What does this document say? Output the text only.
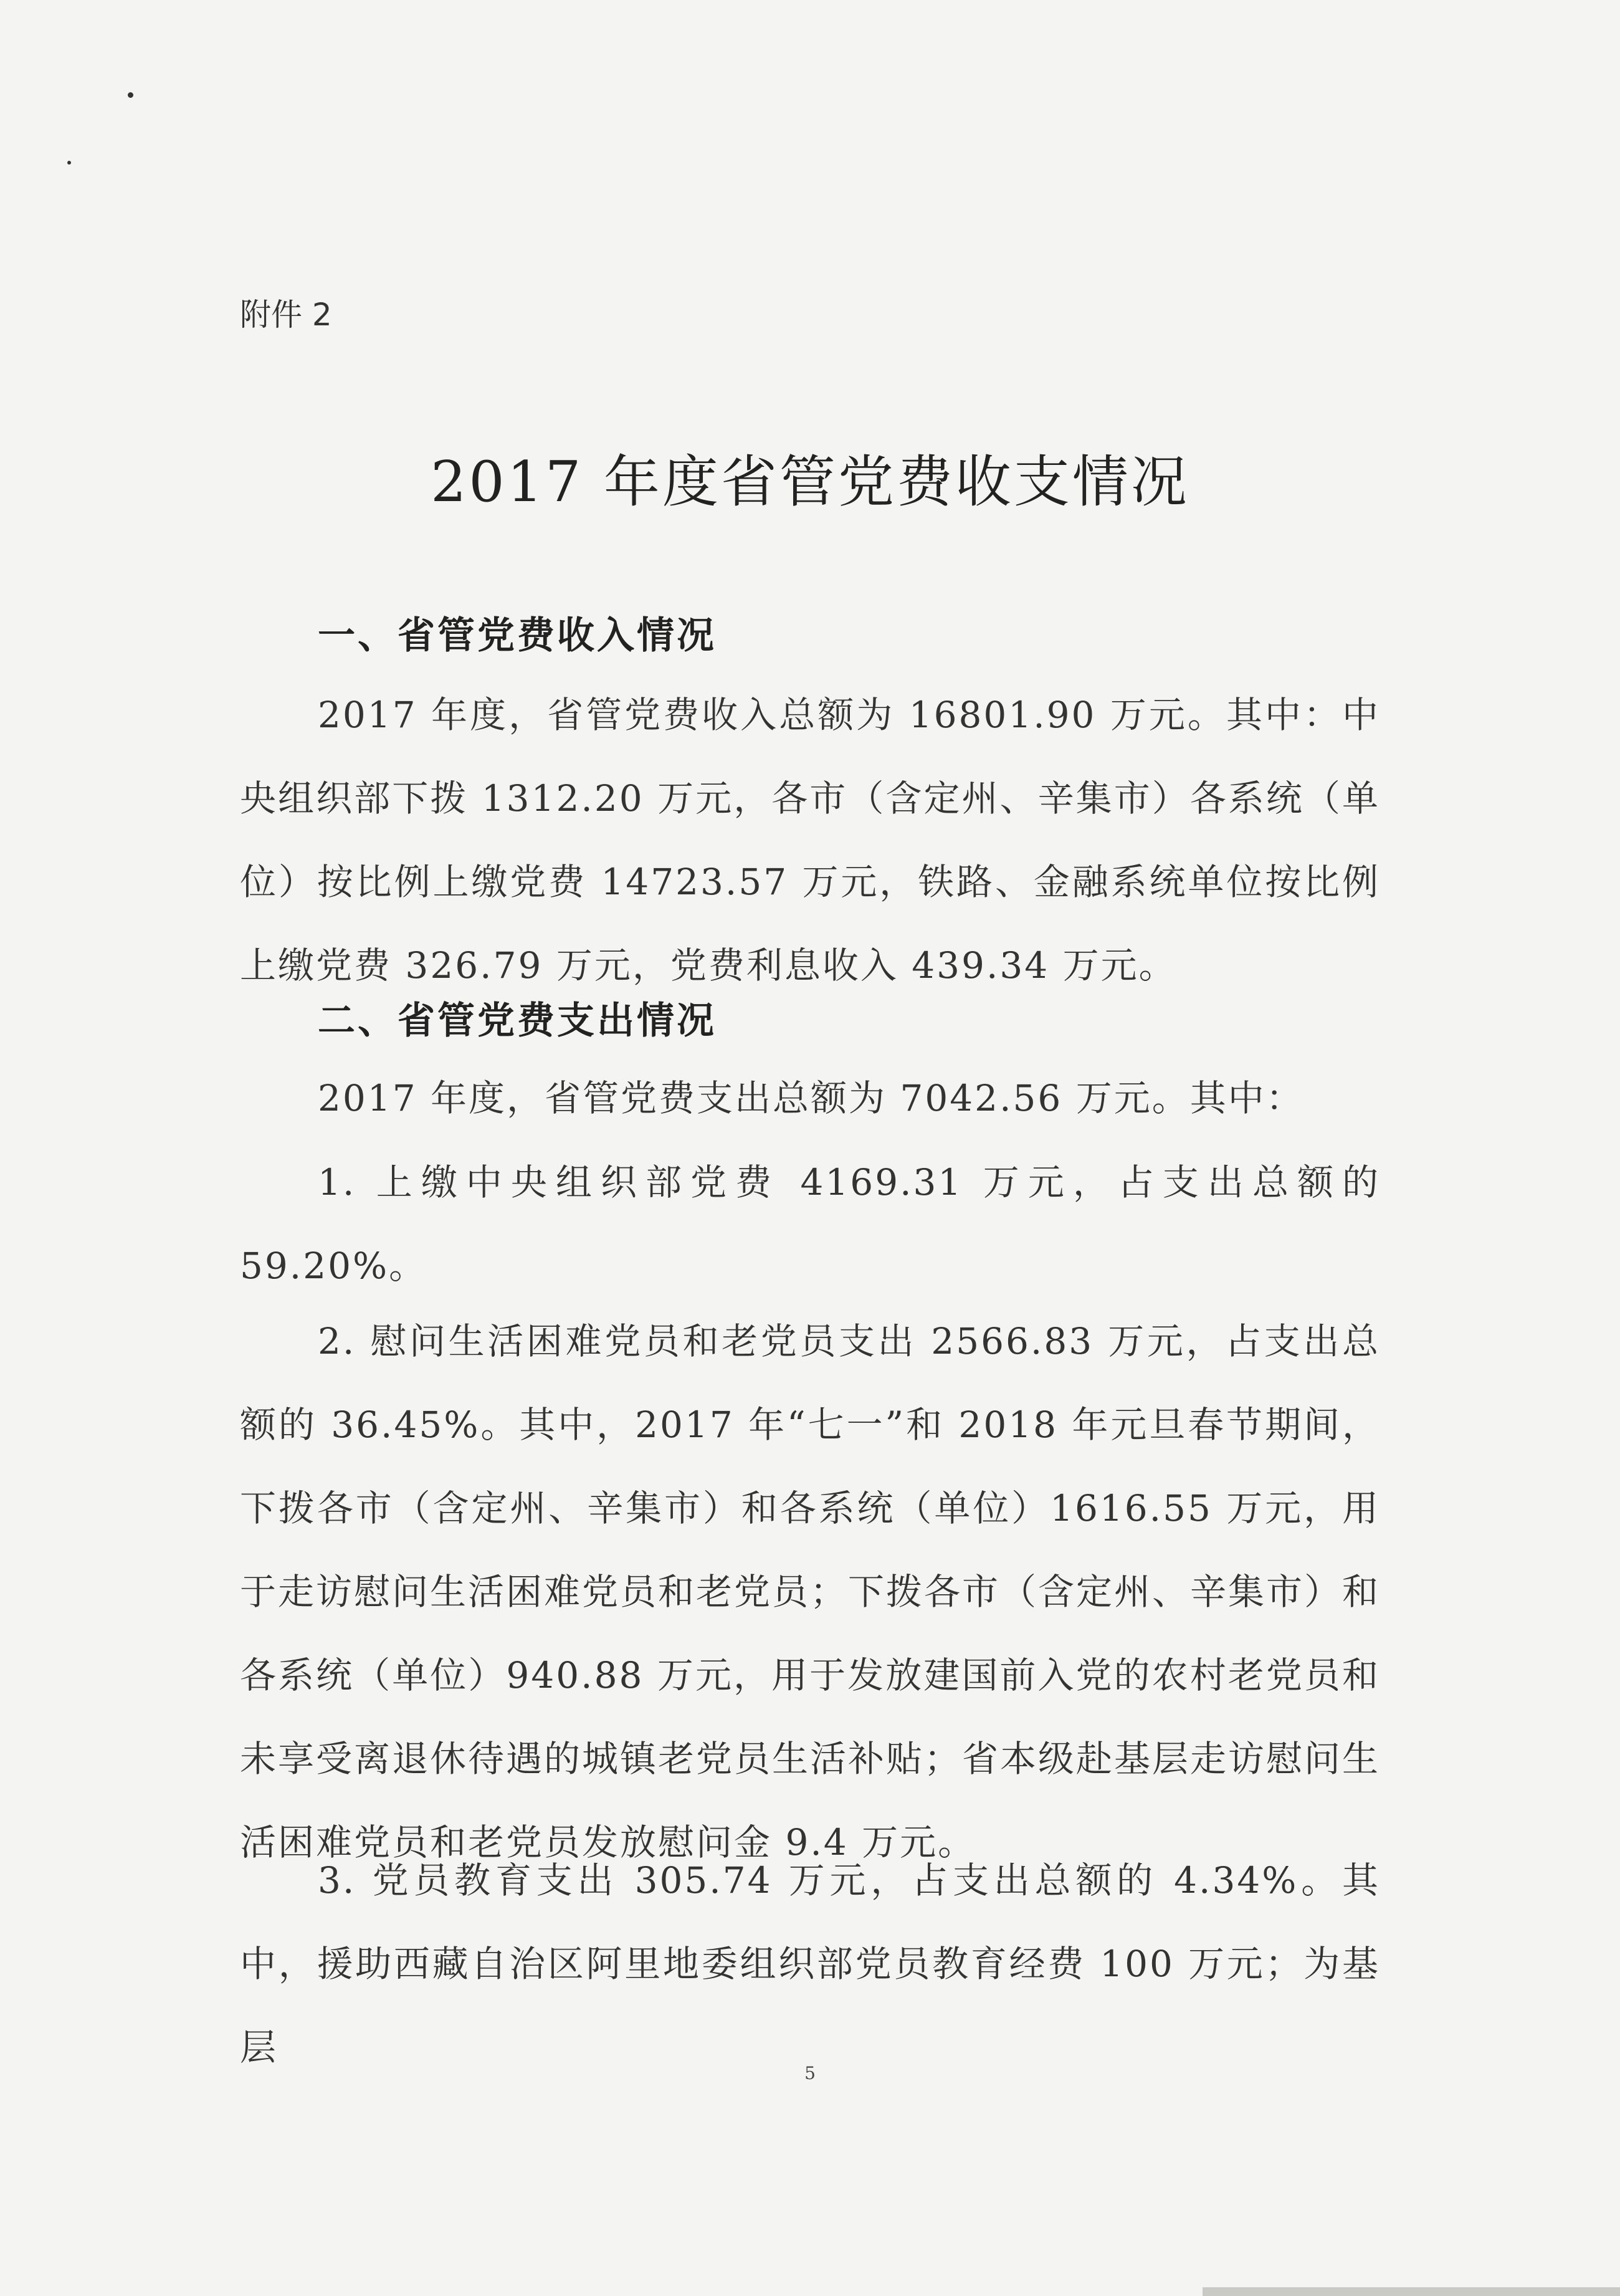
附件 2
2017 年度省管党费收支情况
一、省管党费收入情况
2017 年度，省管党费收入总额为 16801.90 万元。其中：中央组织部下拨 1312.20 万元，各市（含定州、辛集市）各系统（单位）按比例上缴党费 14723.57 万元，铁路、金融系统单位按比例上缴党费 326.79 万元，党费利息收入 439.34 万元。
二、省管党费支出情况
2017 年度，省管党费支出总额为 7042.56 万元。其中：
1. 上缴中央组织部党费 4169.31 万元，占支出总额的 59.20%。
2. 慰问生活困难党员和老党员支出 2566.83 万元，占支出总额的 36.45%。其中，2017 年“七一”和 2018 年元旦春节期间，下拨各市（含定州、辛集市）和各系统（单位）1616.55 万元，用于走访慰问生活困难党员和老党员；下拨各市（含定州、辛集市）和各系统（单位）940.88 万元，用于发放建国前入党的农村老党员和未享受离退休待遇的城镇老党员生活补贴；省本级赴基层走访慰问生活困难党员和老党员发放慰问金 9.4 万元。
3. 党员教育支出 305.74 万元，占支出总额的 4.34%。其中，援助西藏自治区阿里地委组织部党员教育经费 100 万元；为基层
5
